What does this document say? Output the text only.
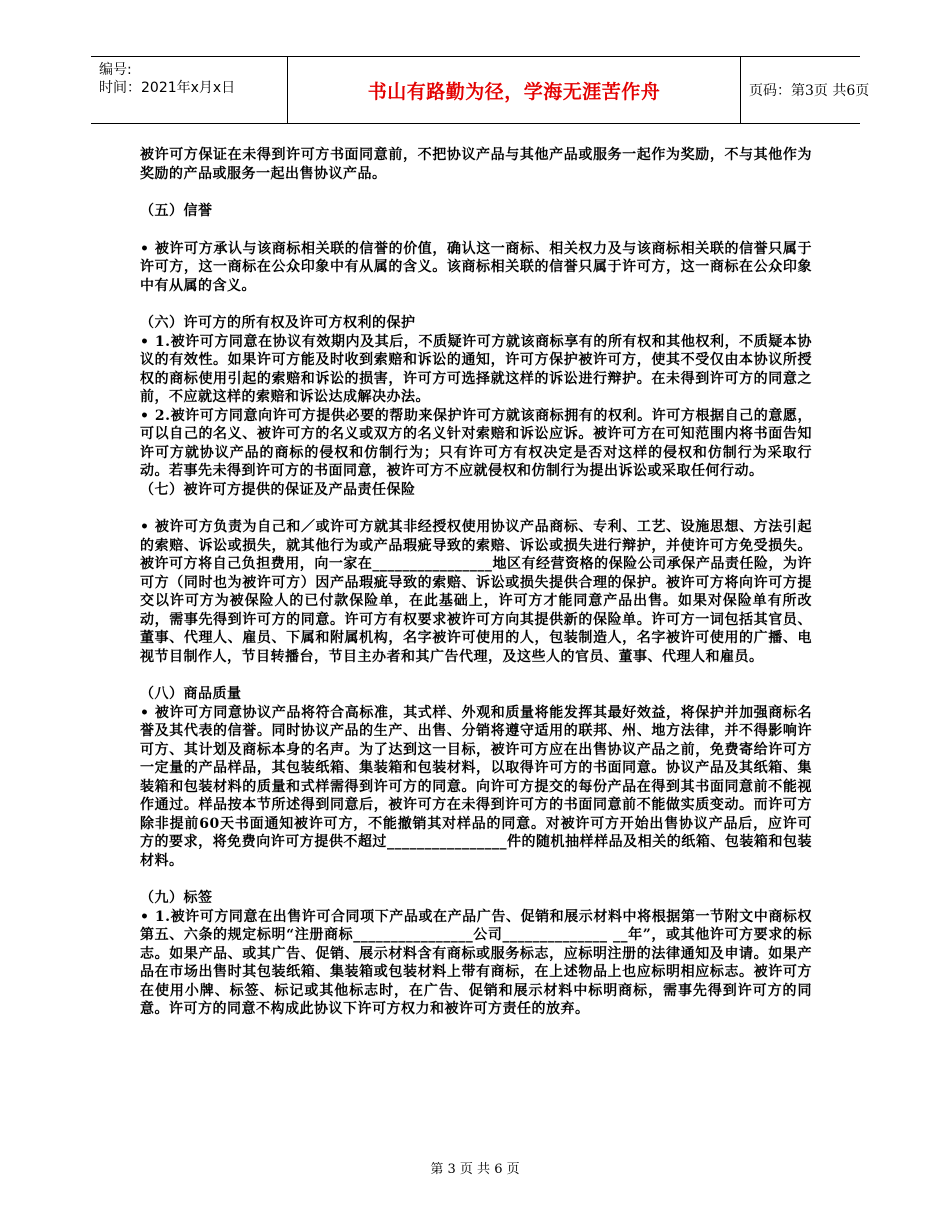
编号:
时间：2021年x月x日	书山有路勤为径，学海无涯苦作舟	页码：第3页 共6页

被许可方保证在未得到许可方书面同意前，不把协议产品与其他产品或服务一起作为奖励，不与其他作为奖励的产品或服务一起出售协议产品。

（五）信誉

• 被许可方承认与该商标相关联的信誉的价值，确认这一商标、相关权力及与该商标相关联的信誉只属于许可方，这一商标在公众印象中有从属的含义。该商标相关联的信誉只属于许可方，这一商标在公众印象中有从属的含义。

（六）许可方的所有权及许可方权利的保护

• 1.被许可方同意在协议有效期内及其后，不质疑许可方就该商标享有的所有权和其他权利，不质疑本协议的有效性。如果许可方能及时收到索赔和诉讼的通知，许可方保护被许可方，使其不受仅由本协议所授权的商标使用引起的索赔和诉讼的损害，许可方可选择就这样的诉讼进行辩护。在未得到许可方的同意之前，不应就这样的索赔和诉讼达成解决办法。

• 2.被许可方同意向许可方提供必要的帮助来保护许可方就该商标拥有的权利。许可方根据自己的意愿，可以自己的名义、被许可方的名义或双方的名义针对索赔和诉讼应诉。被许可方在可知范围内将书面告知许可方就协议产品的商标的侵权和仿制行为；只有许可方有权决定是否对这样的侵权和仿制行为采取行动。若事先未得到许可方的书面同意，被许可方不应就侵权和仿制行为提出诉讼或采取任何行动。

（七）被许可方提供的保证及产品责任保险

• 被许可方负责为自己和／或许可方就其非经授权使用协议产品商标、专利、工艺、设施思想、方法引起的索赔、诉讼或损失，就其他行为或产品瑕疵导致的索赔、诉讼或损失进行辩护，并使许可方免受损失。被许可方将自己负担费用，向一家在________________地区有经营资格的保险公司承保产品责任险，为许可方（同时也为被许可方）因产品瑕疵导致的索赔、诉讼或损失提供合理的保护。被许可方将向许可方提交以许可方为被保险人的已付款保险单，在此基础上，许可方才能同意产品出售。如果对保险单有所改动，需事先得到许可方的同意。许可方有权要求被许可方向其提供新的保险单。许可方一词包括其官员、董事、代理人、雇员、下属和附属机构，名字被许可使用的人，包装制造人，名字被许可使用的广播、电视节目制作人，节目转播台，节目主办者和其广告代理，及这些人的官员、董事、代理人和雇员。

（八）商品质量

• 被许可方同意协议产品将符合高标准，其式样、外观和质量将能发挥其最好效益，将保护并加强商标名誉及其代表的信誉。同时协议产品的生产、出售、分销将遵守适用的联邦、州、地方法律，并不得影响许可方、其计划及商标本身的名声。为了达到这一目标，被许可方应在出售协议产品之前，免费寄给许可方一定量的产品样品，其包装纸箱、集装箱和包装材料，以取得许可方的书面同意。协议产品及其纸箱、集装箱和包装材料的质量和式样需得到许可方的同意。向许可方提交的每份产品在得到其书面同意前不能视作通过。样品按本节所述得到同意后，被许可方在未得到许可方的书面同意前不能做实质变动。而许可方除非提前60天书面通知被许可方，不能撤销其对样品的同意。对被许可方开始出售协议产品后，应许可方的要求，将免费向许可方提供不超过________________件的随机抽样样品及相关的纸箱、包装箱和包装材料。

（九）标签

• 1.被许可方同意在出售许可合同项下产品或在产品广告、促销和展示材料中将根据第一节附文中商标权第五、六条的规定标明“注册商标________________公司______________ __年”，或其他许可方要求的标志。如果产品、或其广告、促销、展示材料含有商标或服务标志，应标明注册的法律通知及申请。如果产品在市场出售时其包装纸箱、集装箱或包装材料上带有商标，在上述物品上也应标明相应标志。被许可方在使用小牌、标签、标记或其他标志时，在广告、促销和展示材料中标明商标，需事先得到许可方的同意。许可方的同意不构成此协议下许可方权力和被许可方责任的放弃。

第 3 页 共 6 页
